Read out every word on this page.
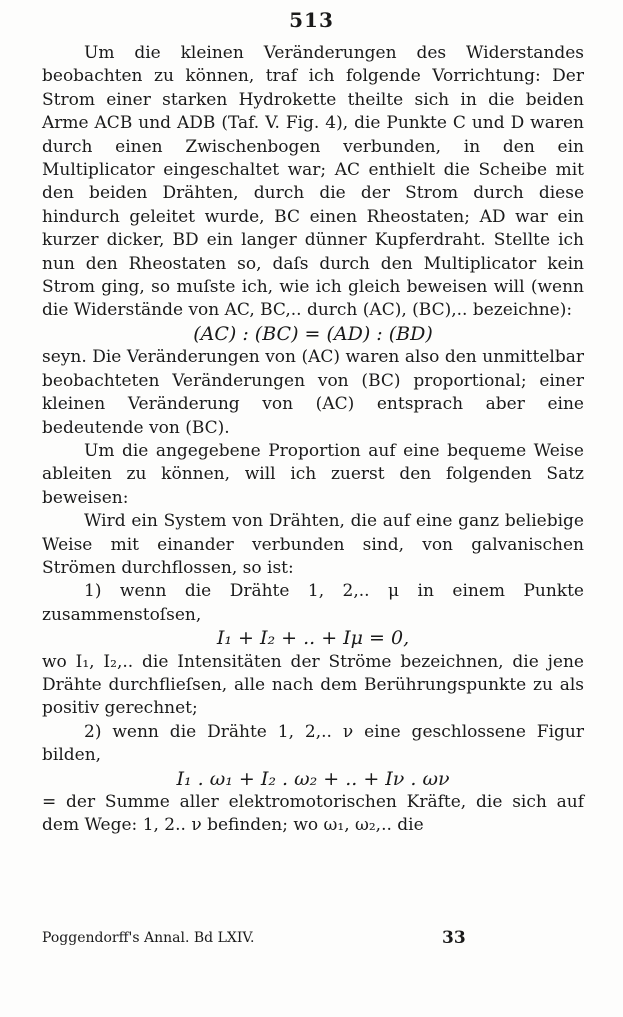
513

Um die kleinen Veränderungen des Widerstandes beobachten zu können, traf ich folgende Vorrichtung: Der Strom einer starken Hydrokette theilte sich in die beiden Arme ACB und ADB (Taf. V. Fig. 4), die Punkte C und D waren durch einen Zwischenbogen verbunden, in den ein Multiplicator eingeschaltet war; AC enthielt die Scheibe mit den beiden Drähten, durch die der Strom durch diese hindurch geleitet wurde, BC einen Rheostaten; AD war ein kurzer dicker, BD ein langer dünner Kupferdraht. Stellte ich nun den Rheostaten so, daſs durch den Multiplicator kein Strom ging, so muſste ich, wie ich gleich beweisen will (wenn die Widerstände von AC, BC,.. durch (AC), (BC),.. bezeichne):

(AC) : (BC) = (AD) : (BD)

seyn. Die Veränderungen von (AC) waren also den unmittelbar beobachteten Veränderungen von (BC) proportional; einer kleinen Veränderung von (AC) entsprach aber eine bedeutende von (BC).

Um die angegebene Proportion auf eine bequeme Weise ableiten zu können, will ich zuerst den folgenden Satz beweisen:

Wird ein System von Drähten, die auf eine ganz beliebige Weise mit einander verbunden sind, von galvanischen Strömen durchflossen, so ist:

1) wenn die Drähte 1, 2,.. μ in einem Punkte zusammenstoſsen,

I₁ + I₂ + .. + Iμ = 0,

wo I₁, I₂,.. die Intensitäten der Ströme bezeichnen, die jene Drähte durchflieſsen, alle nach dem Berührungspunkte zu als positiv gerechnet;

2) wenn die Drähte 1, 2,.. ν eine geschlossene Figur bilden,

I₁ . ω₁ + I₂ . ω₂ + .. + Iν . ων

= der Summe aller elektromotorischen Kräfte, die sich auf dem Wege: 1, 2.. ν befinden; wo ω₁, ω₂,.. die

Poggendorff's Annal. Bd LXIV.	33
